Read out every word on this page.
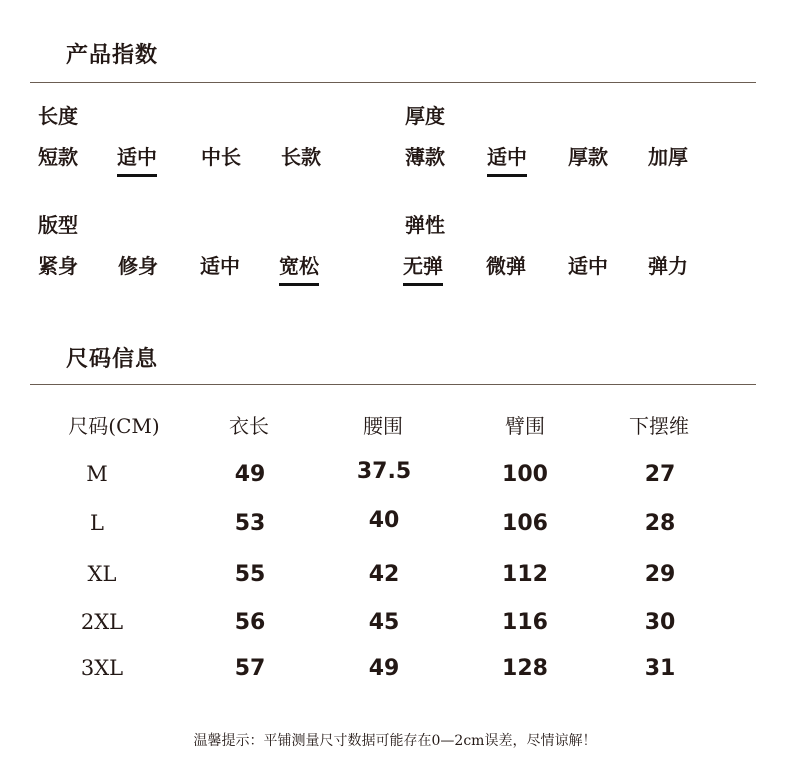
产品指数
长度
短款 适中 中长 长款
厚度
薄款 适中 厚款 加厚
版型
紧身 修身 适中 宽松
弹性
无弹 微弹 适中 弹力
尺码信息
尺码(CM)	衣长	腰围	臂围	下摆维
M	49	37.5	100	27
L	53	40	106	28
XL	55	42	112	29
2XL	56	45	116	30
3XL	57	49	128	31
温馨提示：平铺测量尺寸数据可能存在0—2cm误差，尽情谅解！
